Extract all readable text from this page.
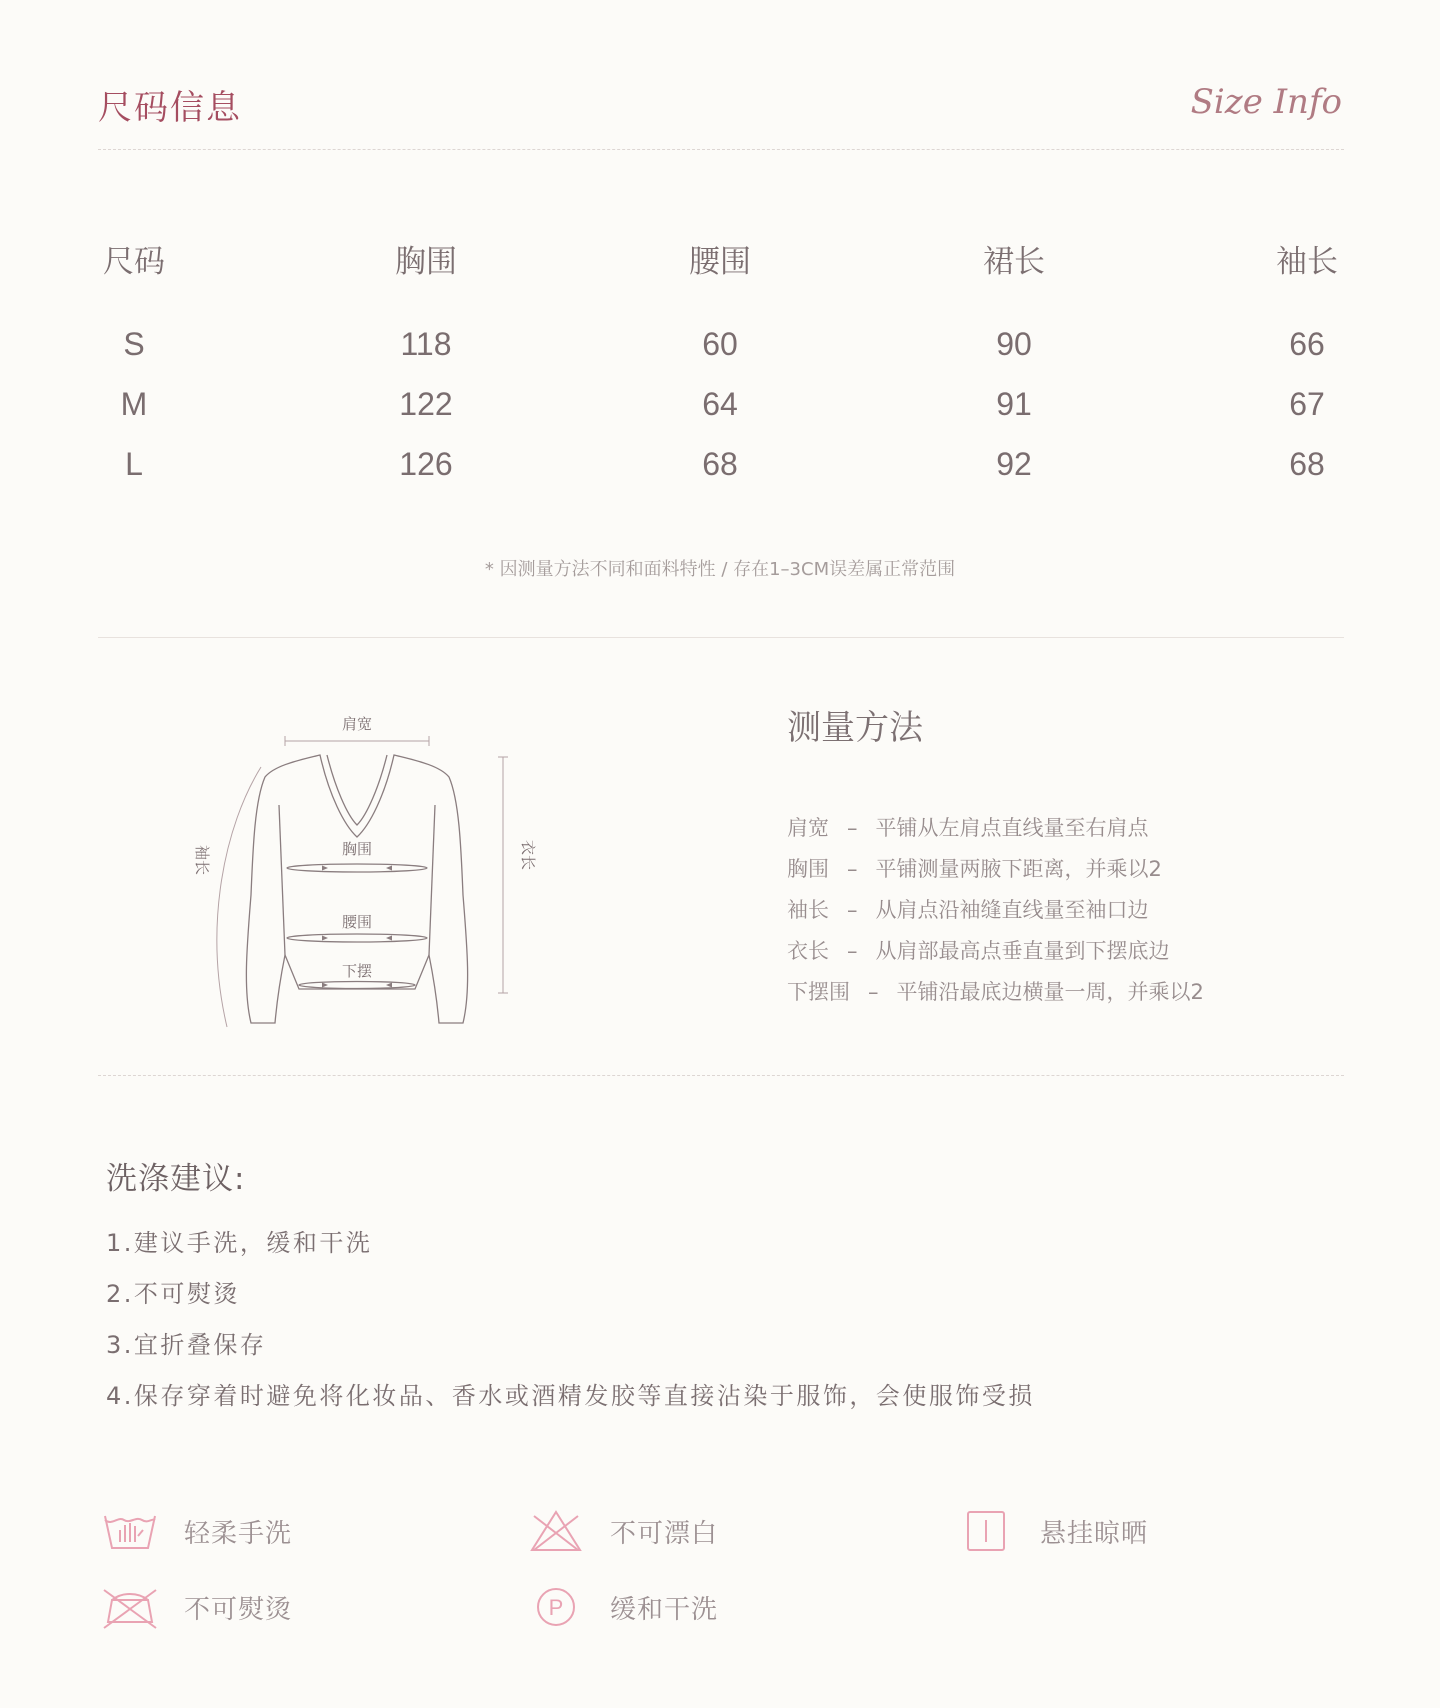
尺码信息	Size Info
尺码	胸围	腰围	裙长	袖长
S	118	60	90	66
M	122	64	91	67
L	126	68	92	68
* 因测量方法不同和面料特性 / 存在1–3CM误差属正常范围
肩宽
胸围
腰围
下摆
袖长	衣长
测量方法
肩宽 – 平铺从左肩点直线量至右肩点
胸围 – 平铺测量两腋下距离，并乘以2
袖长 – 从肩点沿袖缝直线量至袖口边
衣长 – 从肩部最高点垂直量到下摆底边
下摆围 – 平铺沿最底边横量一周，并乘以2
洗涤建议:
1.建议手洗，缓和干洗
2.不可熨烫
3.宜折叠保存
4.保存穿着时避免将化妆品、香水或酒精发胶等直接沾染于服饰，会使服饰受损
轻柔手洗	不可漂白	悬挂晾晒
不可熨烫	P 缓和干洗
